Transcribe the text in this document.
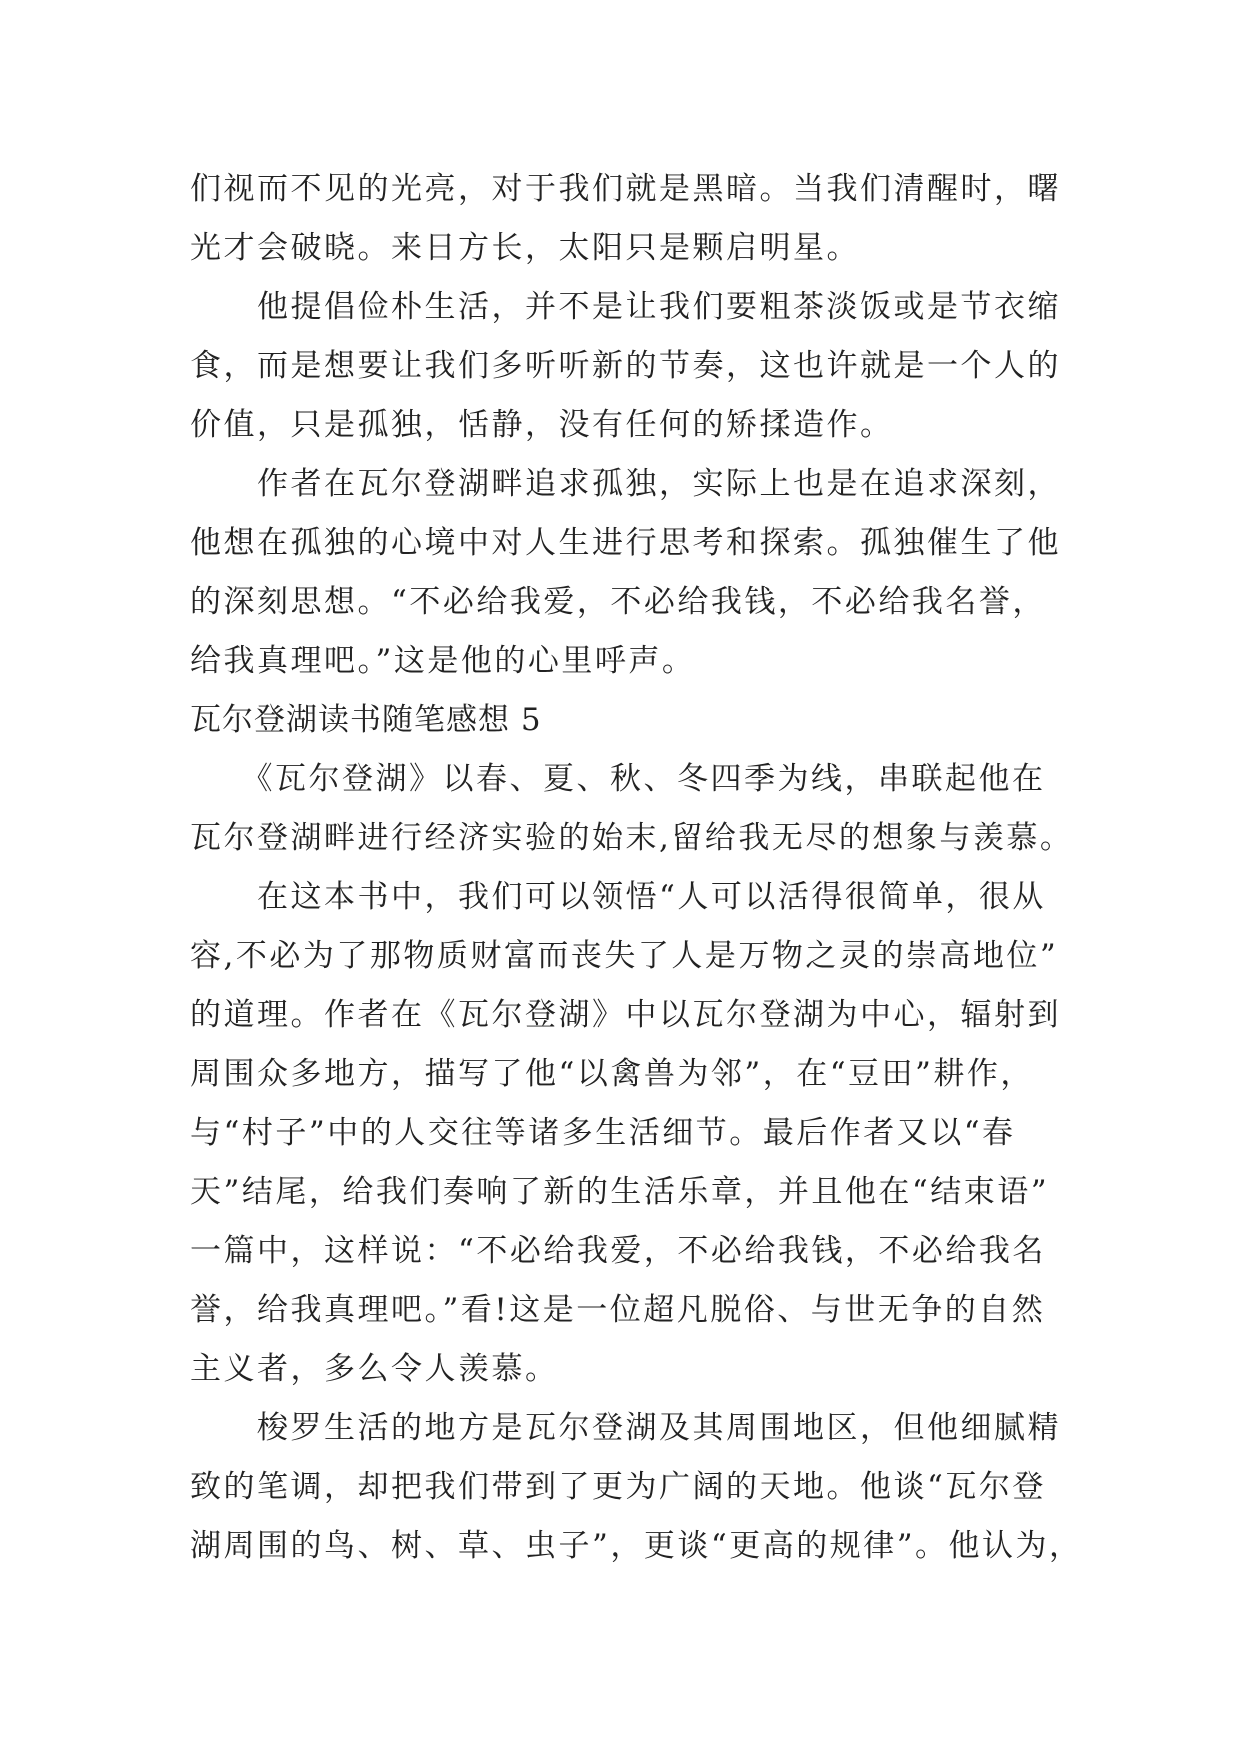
们视而不见的光亮，对于我们就是黑暗。当我们清醒时，曙
光才会破晓。来日方长，太阳只是颗启明星。
　　他提倡俭朴生活，并不是让我们要粗茶淡饭或是节衣缩
食，而是想要让我们多听听新的节奏，这也许就是一个人的
价值，只是孤独，恬静，没有任何的矫揉造作。
　　作者在瓦尔登湖畔追求孤独，实际上也是在追求深刻，
他想在孤独的心境中对人生进行思考和探索。孤独催生了他
的深刻思想。“不必给我爱，不必给我钱，不必给我名誉，
给我真理吧。”这是他的心里呼声。
瓦尔登湖读书随笔感想 5
　　《瓦尔登湖》以春、夏、秋、冬四季为线，串联起他在
瓦尔登湖畔进行经济实验的始末,留给我无尽的想象与羡慕。
　　在这本书中，我们可以领悟“人可以活得很简单，很从
容,不必为了那物质财富而丧失了人是万物之灵的崇高地位”
的道理。作者在《瓦尔登湖》中以瓦尔登湖为中心，辐射到
周围众多地方，描写了他“以禽兽为邻”，在“豆田”耕作，
与“村子”中的人交往等诸多生活细节。最后作者又以“春
天”结尾，给我们奏响了新的生活乐章，并且他在“结束语”
一篇中，这样说：“不必给我爱，不必给我钱，不必给我名
誉，给我真理吧。”看!这是一位超凡脱俗、与世无争的自然
主义者，多么令人羡慕。
　　梭罗生活的地方是瓦尔登湖及其周围地区，但他细腻精
致的笔调，却把我们带到了更为广阔的天地。他谈“瓦尔登
湖周围的鸟、树、草、虫子”，更谈“更高的规律”。他认为，
